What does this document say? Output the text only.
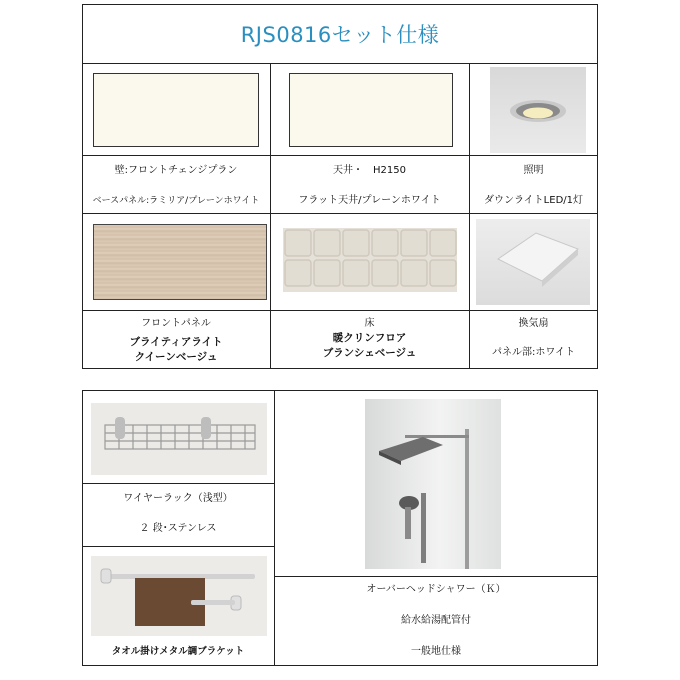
RJS0816セット仕様
壁:フロントチェンジプラン
ベースパネル:ラミリア/プレーンホワイト
天井・　H2150
フラット天井/プレーンホワイト
照明
ダウンライトLED/1灯
フロントパネル
ブライティアライト
クイーンベージュ
床
暖クリンフロア
ブランシェベージュ
換気扇
パネル部:ホワイト
ワイヤーラック（浅型）
２ 段･ステンレス
タオル掛けメタル調ブラケット
オーバーヘッドシャワー（Ｋ）
給水給湯配管付
一般地仕様
